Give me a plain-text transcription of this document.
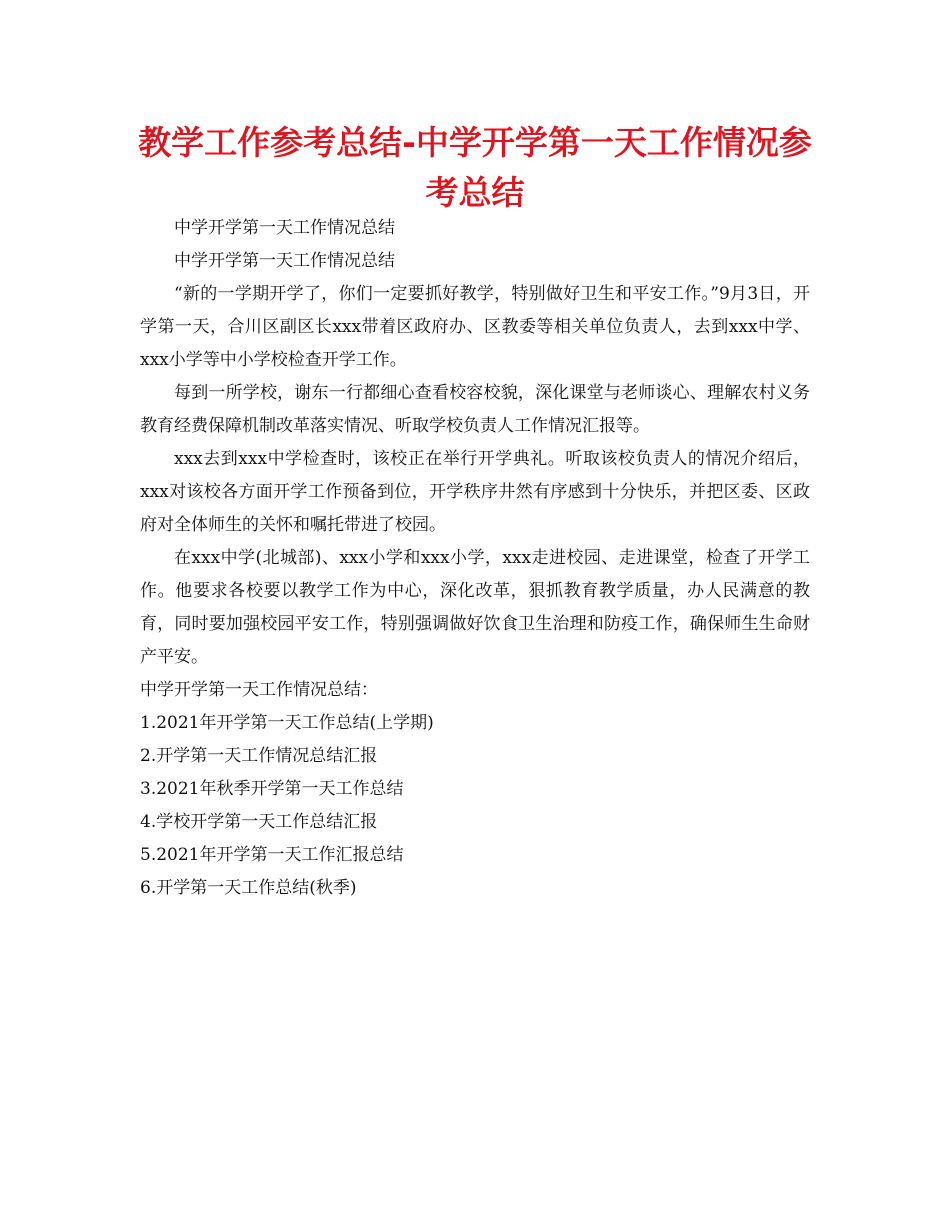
教学工作参考总结-中学开学第一天工作情况参考总结

中学开学第一天工作情况总结

中学开学第一天工作情况总结

“新的一学期开学了，你们一定要抓好教学，特别做好卫生和平安工作。”9月3日，开学第一天，合川区副区长xxx带着区政府办、区教委等相关单位负责人，去到xxx中学、xxx小学等中小学校检查开学工作。

每到一所学校，谢东一行都细心查看校容校貌，深化课堂与老师谈心、理解农村义务教育经费保障机制改革落实情况、听取学校负责人工作情况汇报等。

xxx去到xxx中学检查时，该校正在举行开学典礼。听取该校负责人的情况介绍后，xxx对该校各方面开学工作预备到位，开学秩序井然有序感到十分快乐，并把区委、区政府对全体师生的关怀和嘱托带进了校园。

在xxx中学(北城部)、xxx小学和xxx小学，xxx走进校园、走进课堂，检查了开学工作。他要求各校要以教学工作为中心，深化改革，狠抓教育教学质量，办人民满意的教育，同时要加强校园平安工作，特别强调做好饮食卫生治理和防疫工作，确保师生生命财产平安。

中学开学第一天工作情况总结：

1.2021年开学第一天工作总结(上学期)

2.开学第一天工作情况总结汇报

3.2021年秋季开学第一天工作总结

4.学校开学第一天工作总结汇报

5.2021年开学第一天工作汇报总结

6.开学第一天工作总结(秋季)
